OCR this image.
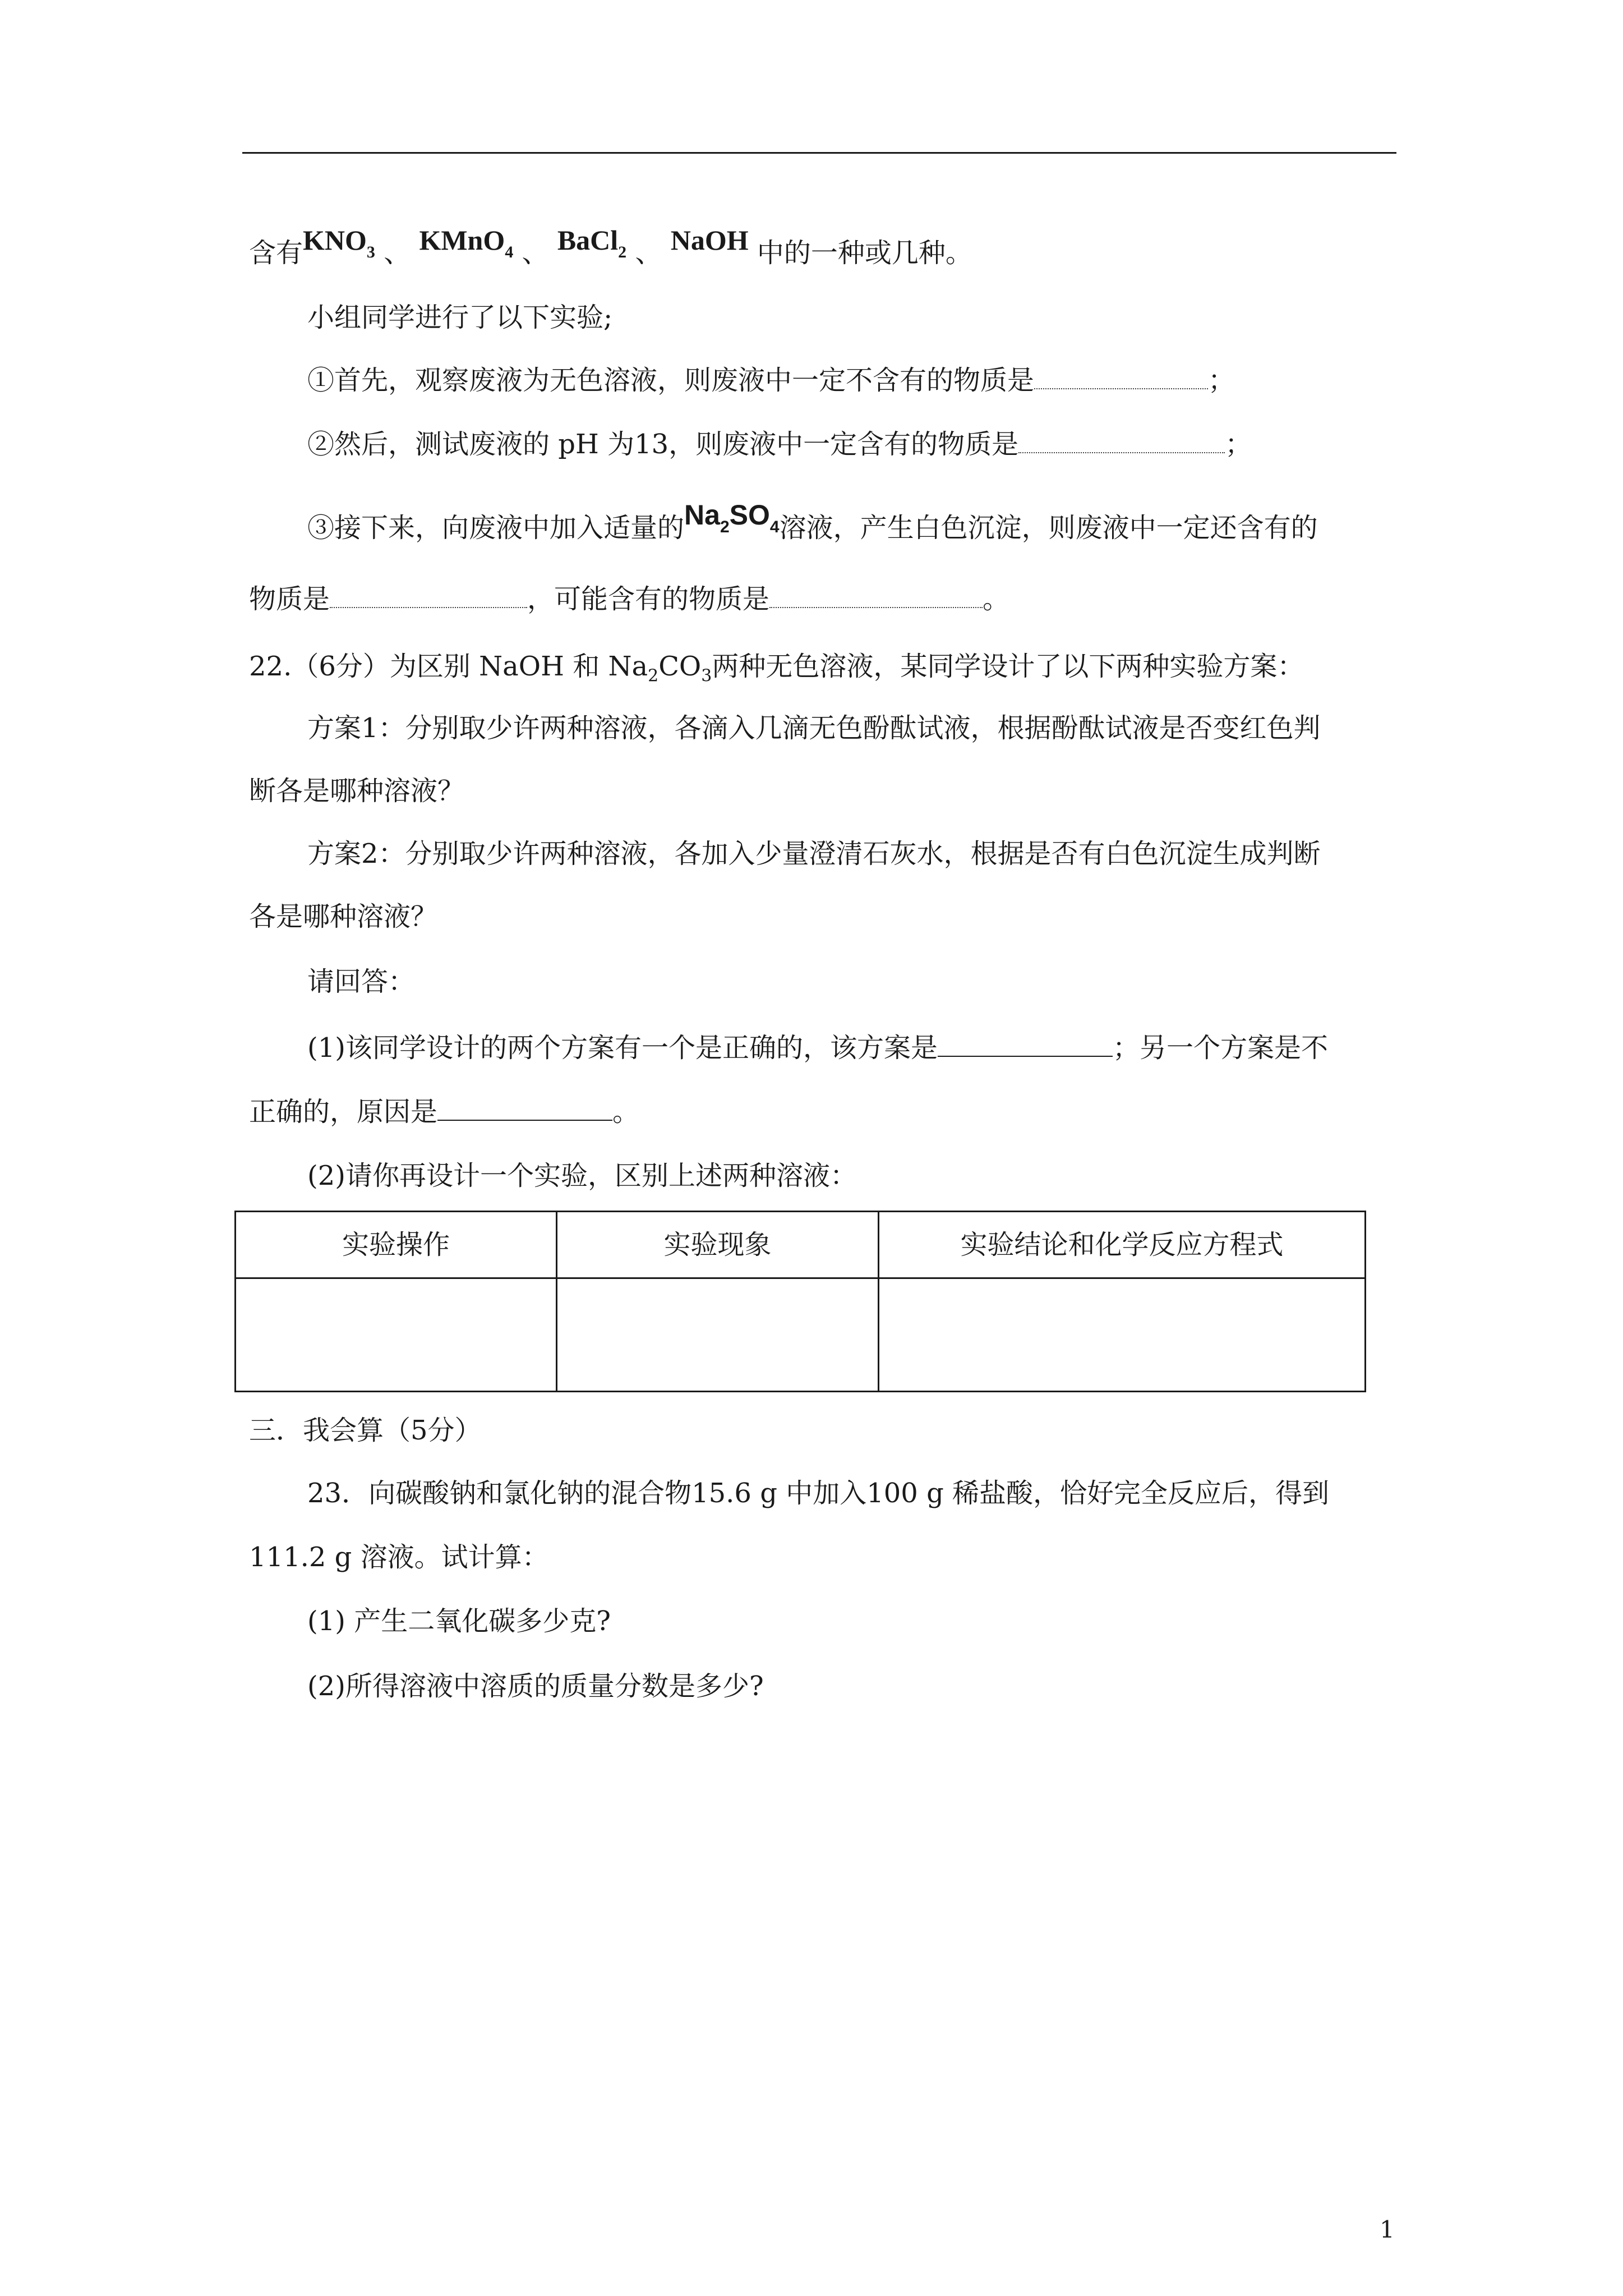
含有$KNO_3$ 、 KMnO$_4$ 、 BaCl$_2$ 、 NaOH 中的一种或几种。
小组同学进行了以下实验;
①首先，观察废液为无色溶液，则废液中一定不含有的物质是	；
②然后，测试废液的 pH 为13，则废液中一定含有的物质是	；
③接下来，向废液中加入适量的$Na_2SO_4$溶液，产生白色沉淀，则废液中一定还含有的
物质是	，可能含有的物质是	。
22.（6分）为区别 NaOH 和 $Na_2CO_3$两种无色溶液，某同学设计了以下两种实验方案：
方案1：分别取少许两种溶液，各滴入几滴无色酚酞试液，根据酚酞试液是否变红色判
断各是哪种溶液？
方案2：分别取少许两种溶液，各加入少量澄清石灰水，根据是否有白色沉淀生成判断
各是哪种溶液？
请回答：
(1)该同学设计的两个方案有一个是正确的，该方案是	；另一个方案是不
正确的，原因是	。
(2)请你再设计一个实验，区别上述两种溶液：
实验操作	实验现象	实验结论和化学反应方程式
三．我会算（5分）
23．向碳酸钠和氯化钠的混合物15.6 g 中加入100 g 稀盐酸，恰好完全反应后，得到
111.2 g 溶液。试计算：
(1) 产生二氧化碳多少克?
(2)所得溶液中溶质的质量分数是多少?
1
